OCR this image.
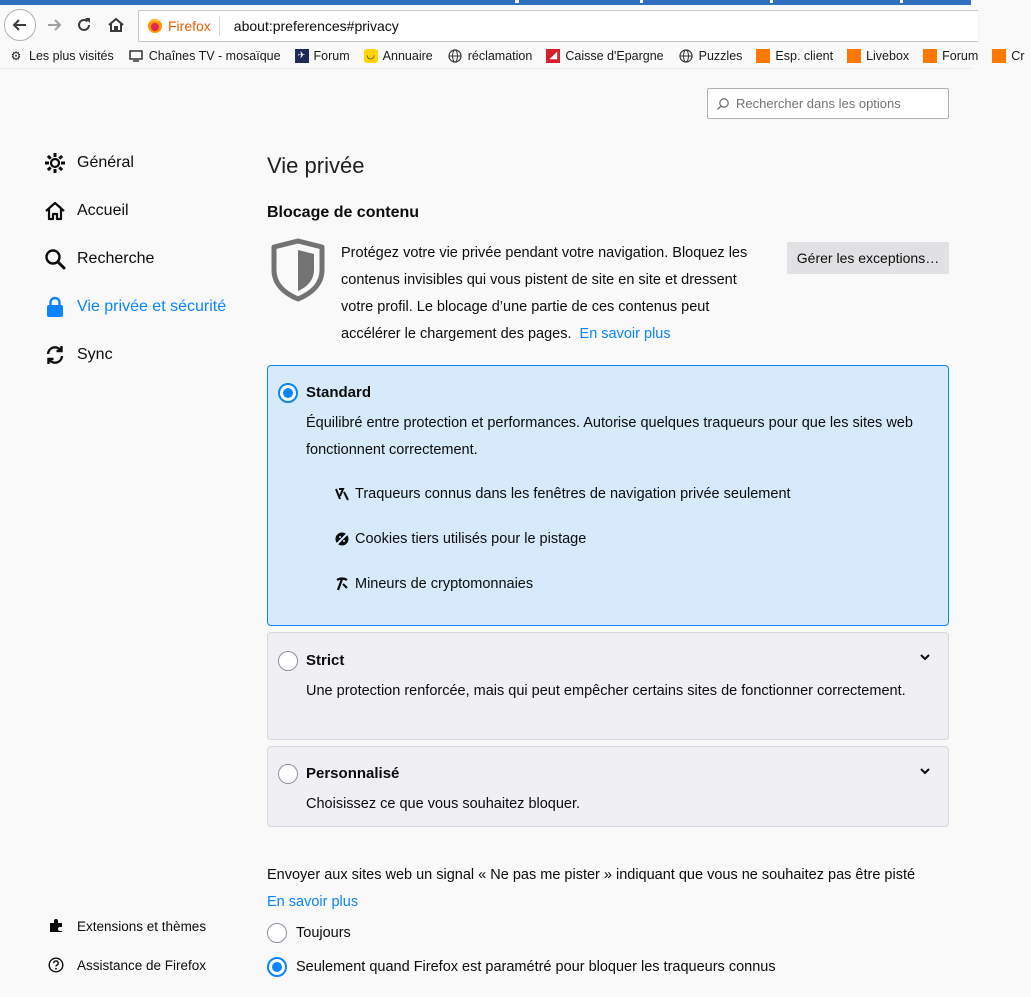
Firefox about:preferences#privacy
⚙ Les plus visités	Chaînes TV - mosaïque	✈ Forum ◡ Annuaire	réclamation	◢ Caisse d'Epargne	Puzzles	Esp. client	Livebox	Forum	Cr
Rechercher dans les options
Général
Accueil
Recherche
Vie privée et sécurité
Sync
Extensions et thèmes
Assistance de Firefox
Vie privée
Blocage de contenu
Protégez votre vie privée pendant votre navigation. Bloquez les contenus invisibles qui vous pistent de site en site et dressent votre profil. Le blocage d’une partie de ces contenus peut accélérer le chargement des pages. En savoir plus
Gérer les exceptions…
Standard
Équilibré entre protection et performances. Autorise quelques traqueurs pour que les sites web fonctionnent correctement.
Traqueurs connus dans les fenêtres de navigation privée seulement
Cookies tiers utilisés pour le pistage
Mineurs de cryptomonnaies
Strict
Une protection renforcée, mais qui peut empêcher certains sites de fonctionner correctement.
Personnalisé
Choisissez ce que vous souhaitez bloquer.
Envoyer aux sites web un signal « Ne pas me pister » indiquant que vous ne souhaitez pas être pisté
En savoir plus
Toujours
Seulement quand Firefox est paramétré pour bloquer les traqueurs connus
